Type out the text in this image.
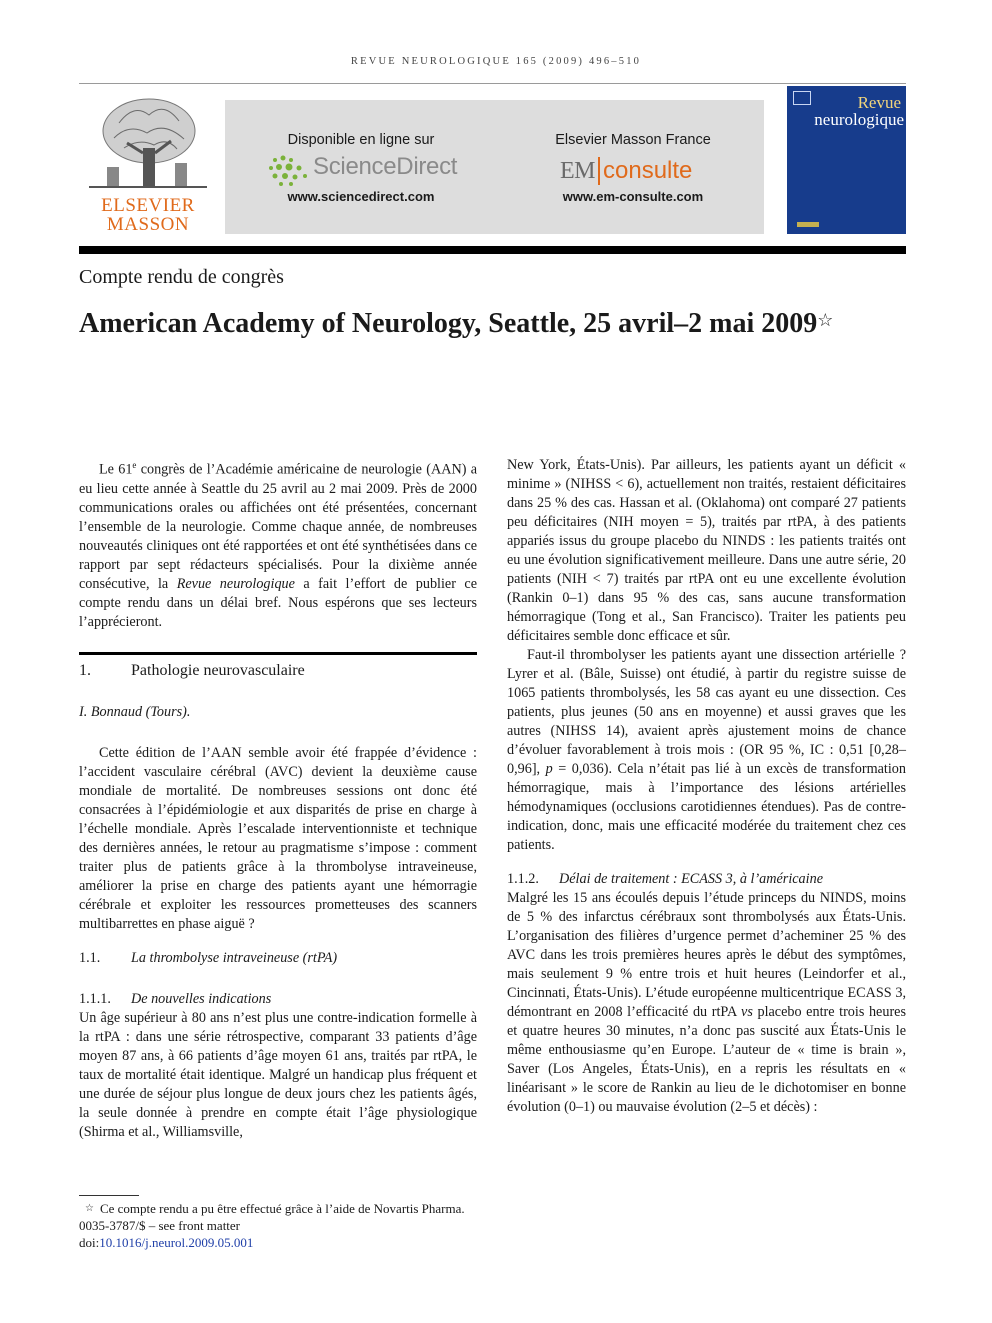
REVUE NEUROLOGIQUE 165 (2009) 496–510
ELSEVIER
MASSON
Disponible en ligne sur
ScienceDirect
www.sciencedirect.com
Elsevier Masson France
EM consulte
www.em-consulte.com
Revue
neurologique
Compte rendu de congrès
American Academy of Neurology, Seattle, 25 avril–2 mai 2009☆

Le 61e congrès de l’Académie américaine de neurologie (AAN) a eu lieu cette année à Seattle du 25 avril au 2 mai 2009. Près de 2000 communications orales ou affichées ont été présentées, concernant l’ensemble de la neurologie. Comme chaque année, de nombreuses nouveautés cliniques ont été rapportées et ont été synthétisées dans ce rapport par sept rédacteurs spécialisés. Pour la dixième année consécutive, la Revue neurologique a fait l’effort de publier ce compte rendu dans un délai bref. Nous espérons que ses lecteurs l’apprécieront.

1.	Pathologie neurovasculaire

I. Bonnaud (Tours).

Cette édition de l’AAN semble avoir été frappée d’évidence : l’accident vasculaire cérébral (AVC) devient la deuxième cause mondiale de mortalité. De nombreuses sessions ont donc été consacrées à l’épidémiologie et aux disparités de prise en charge à l’échelle mondiale. Après l’escalade interventionniste et technique des dernières années, le retour au pragmatisme s’impose : comment traiter plus de patients grâce à la thrombolyse intraveineuse, améliorer la prise en charge des patients ayant une hémorragie cérébrale et exploiter les ressources prometteuses des scanners multibarrettes en phase aiguë ?

1.1.	La thrombolyse intraveineuse (rtPA)
1.1.1.	De nouvelles indications

Un âge supérieur à 80 ans n’est plus une contre-indication formelle à la rtPA : dans une série rétrospective, comparant 33 patients d’âge moyen 87 ans, à 66 patients d’âge moyen 61 ans, traités par rtPA, le taux de mortalité était identique. Malgré un handicap plus fréquent et une durée de séjour plus longue de deux jours chez les patients âgés, la seule donnée à prendre en compte était l’âge physiologique (Shirma et al., Williamsville,

New York, États-Unis). Par ailleurs, les patients ayant un déficit « minime » (NIHSS < 6), actuellement non traités, restaient déficitaires dans 25 % des cas. Hassan et al. (Oklahoma) ont comparé 27 patients peu déficitaires (NIH moyen = 5), traités par rtPA, à des patients appariés issus du groupe placebo du NINDS : les patients traités ont eu une évolution significativement meilleure. Dans une autre série, 20 patients (NIH < 7) traités par rtPA ont eu une excellente évolution (Rankin 0–1) dans 95 % des cas, sans aucune transformation hémorragique (Tong et al., San Francisco). Traiter les patients peu déficitaires semble donc efficace et sûr.

Faut-il thrombolyser les patients ayant une dissection artérielle ? Lyrer et al. (Bâle, Suisse) ont étudié, à partir du registre suisse de 1065 patients thrombolysés, les 58 cas ayant eu une dissection. Ces patients, plus jeunes (50 ans en moyenne) et aussi graves que les autres (NIHSS 14), avaient après ajustement moins de chance d’évoluer favorablement à trois mois : (OR 95 %, IC : 0,51 [0,28–0,96], p = 0,036). Cela n’était pas lié à un excès de transformation hémorragique, mais à l’importance des lésions artérielles hémodynamiques (occlusions carotidiennes étendues). Pas de contre-indication, donc, mais une efficacité modérée du traitement chez ces patients.

1.1.2.	Délai de traitement : ECASS 3, à l’américaine

Malgré les 15 ans écoulés depuis l’étude princeps du NINDS, moins de 5 % des infarctus cérébraux sont thrombolysés aux États-Unis. L’organisation des filières d’urgence permet d’acheminer 25 % des AVC dans les trois premières heures après le début des symptômes, mais seulement 9 % entre trois et huit heures (Leindorfer et al., Cincinnati, États-Unis). L’étude européenne multicentrique ECASS 3, démontrant en 2008 l’efficacité du rtPA vs placebo entre trois heures et quatre heures 30 minutes, n’a donc pas suscité aux États-Unis le même enthousiasme qu’en Europe. L’auteur de « time is brain », Saver (Los Angeles, États-Unis), en a repris les résultats en « linéarisant » le score de Rankin au lieu de le dichotomiser en bonne évolution (0–1) ou mauvaise évolution (2–5 et décès) :

☆ Ce compte rendu a pu être effectué grâce à l’aide de Novartis Pharma.

0035-3787/$ – see front matter

doi:10.1016/j.neurol.2009.05.001
